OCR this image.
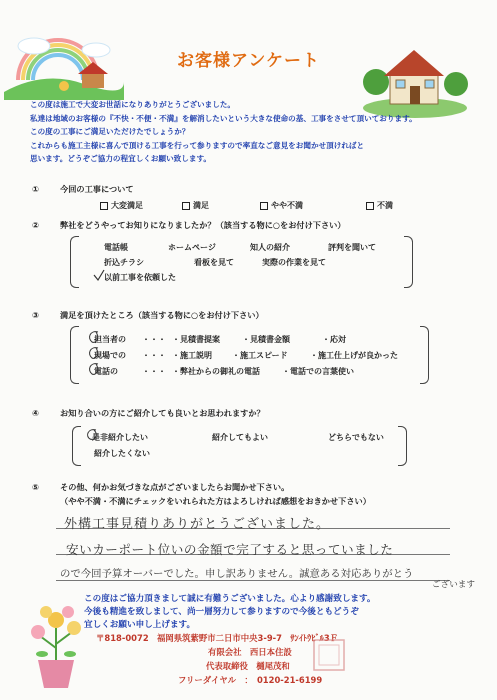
お客様アンケート
この度は施工で大変お世話になりありがとうございました。
私達は地域のお客様の『不快・不便・不満』を解消したいという大きな使命の基、工事をさせて頂いております。
この度の工事にご満足いただけたでしょうか？
これからも施工主様に喜んで頂ける工事を行って参りますので率直なご意見をお聞かせ頂ければと
思います。どうぞご協力の程宜しくお願い致します。
①	今回の工事について
大変満足	満足	やや不満	不満
②	弊社をどうやってお知りになりましたか？（該当する物に○をお付け下さい）
電話帳	ホームページ	知人の紹介	評判を聞いて
折込チラシ	看板を見て	実際の作業を見て
以前工事を依頼した
③	満足を頂けたところ（該当する物に○をお付け下さい）
担当者の ・・・ ・見積書提案	・見積書金額	・応対
現場での ・・・ ・施工説明	・施工スピード	・施工仕上げが良かった
電話の	・・・ ・弊社からの御礼の電話	・電話での言葉使い
④	お知り合いの方にご紹介しても良いとお思われますか？
是非紹介したい	紹介してもよい	どちらでもない
紹介したくない
⑤	その他、何かお気づきな点がございましたらお聞かせ下さい。
（やや不満・不満にチェックをいれられた方はよろしければ感想をおきかせ下さい）
外構工事見積りありがとうございました。
安いカーポート位いの金額で完了すると思っていました
ので今回予算オーバーでした。申し訳ありません。誠意ある対応ありがとう
ございます
この度はご協力頂きまして誠に有難うございました。心より感謝致します。
今後も精進を致しまして、尚一層努力して参りますので今後ともどうぞ
宜しくお願い申し上げます。
〒818-0072　福岡県筑紫野市二日市中央3-9-7　ｻﾝｲﾄｳﾋﾞﾙ3Ｆ
有限会社　西日本住設
代表取締役　樋尾茂和
フリーダイヤル　：　0120-21-6199
